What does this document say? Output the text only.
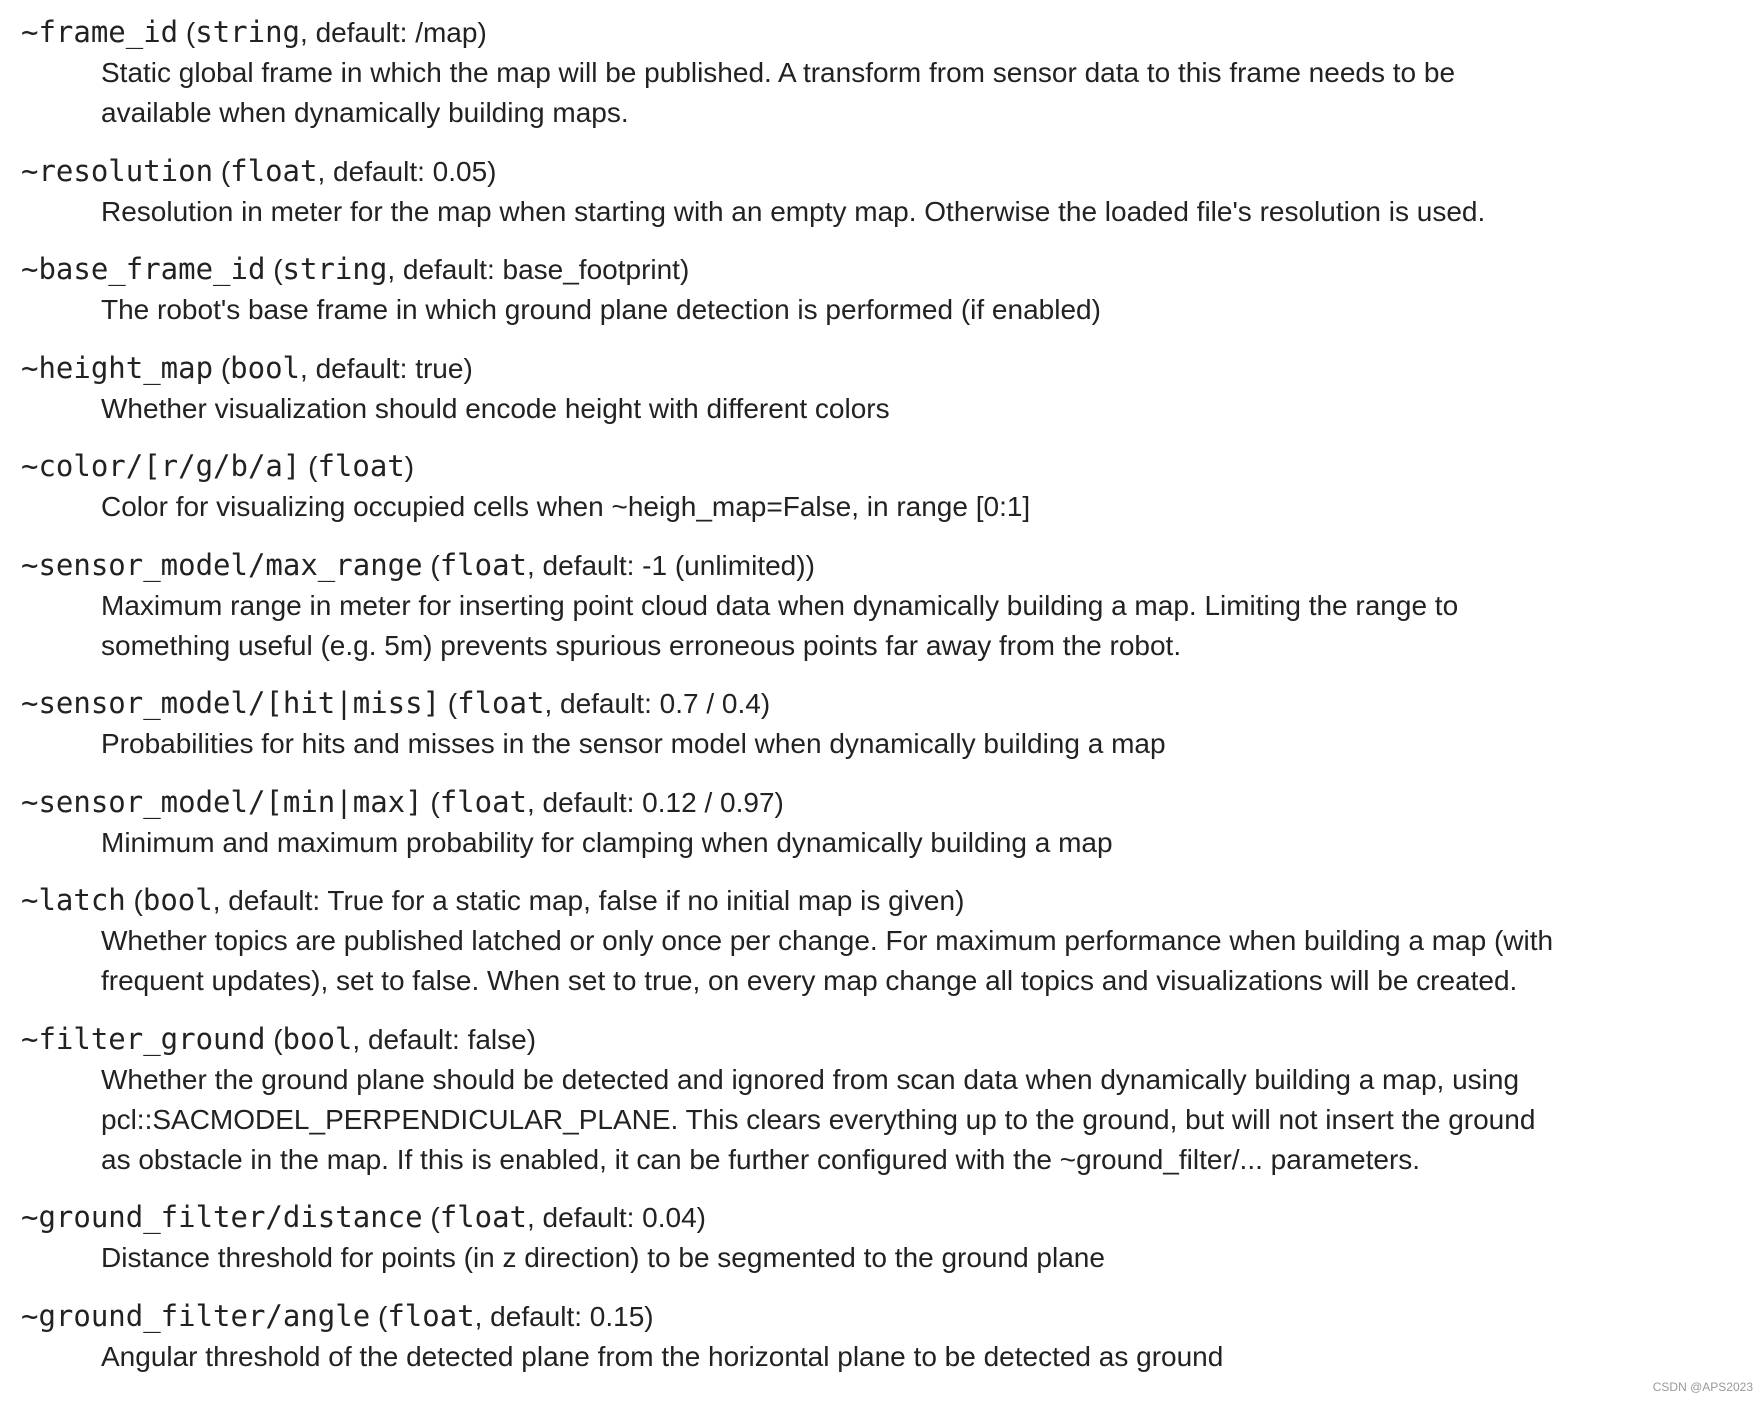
~frame_id (string, default: /map)
Static global frame in which the map will be published. A transform from sensor data to this frame needs to be
available when dynamically building maps.
~resolution (float, default: 0.05)
Resolution in meter for the map when starting with an empty map. Otherwise the loaded file's resolution is used.
~base_frame_id (string, default: base_footprint)
The robot's base frame in which ground plane detection is performed (if enabled)
~height_map (bool, default: true)
Whether visualization should encode height with different colors
~color/[r/g/b/a] (float)
Color for visualizing occupied cells when ~heigh_map=False, in range [0:1]
~sensor_model/max_range (float, default: -1 (unlimited))
Maximum range in meter for inserting point cloud data when dynamically building a map. Limiting the range to
something useful (e.g. 5m) prevents spurious erroneous points far away from the robot.
~sensor_model/[hit|miss] (float, default: 0.7 / 0.4)
Probabilities for hits and misses in the sensor model when dynamically building a map
~sensor_model/[min|max] (float, default: 0.12 / 0.97)
Minimum and maximum probability for clamping when dynamically building a map
~latch (bool, default: True for a static map, false if no initial map is given)
Whether topics are published latched or only once per change. For maximum performance when building a map (with
frequent updates), set to false. When set to true, on every map change all topics and visualizations will be created.
~filter_ground (bool, default: false)
Whether the ground plane should be detected and ignored from scan data when dynamically building a map, using
pcl::SACMODEL_PERPENDICULAR_PLANE. This clears everything up to the ground, but will not insert the ground
as obstacle in the map. If this is enabled, it can be further configured with the ~ground_filter/... parameters.
~ground_filter/distance (float, default: 0.04)
Distance threshold for points (in z direction) to be segmented to the ground plane
~ground_filter/angle (float, default: 0.15)
Angular threshold of the detected plane from the horizontal plane to be detected as ground
CSDN @APS2023
